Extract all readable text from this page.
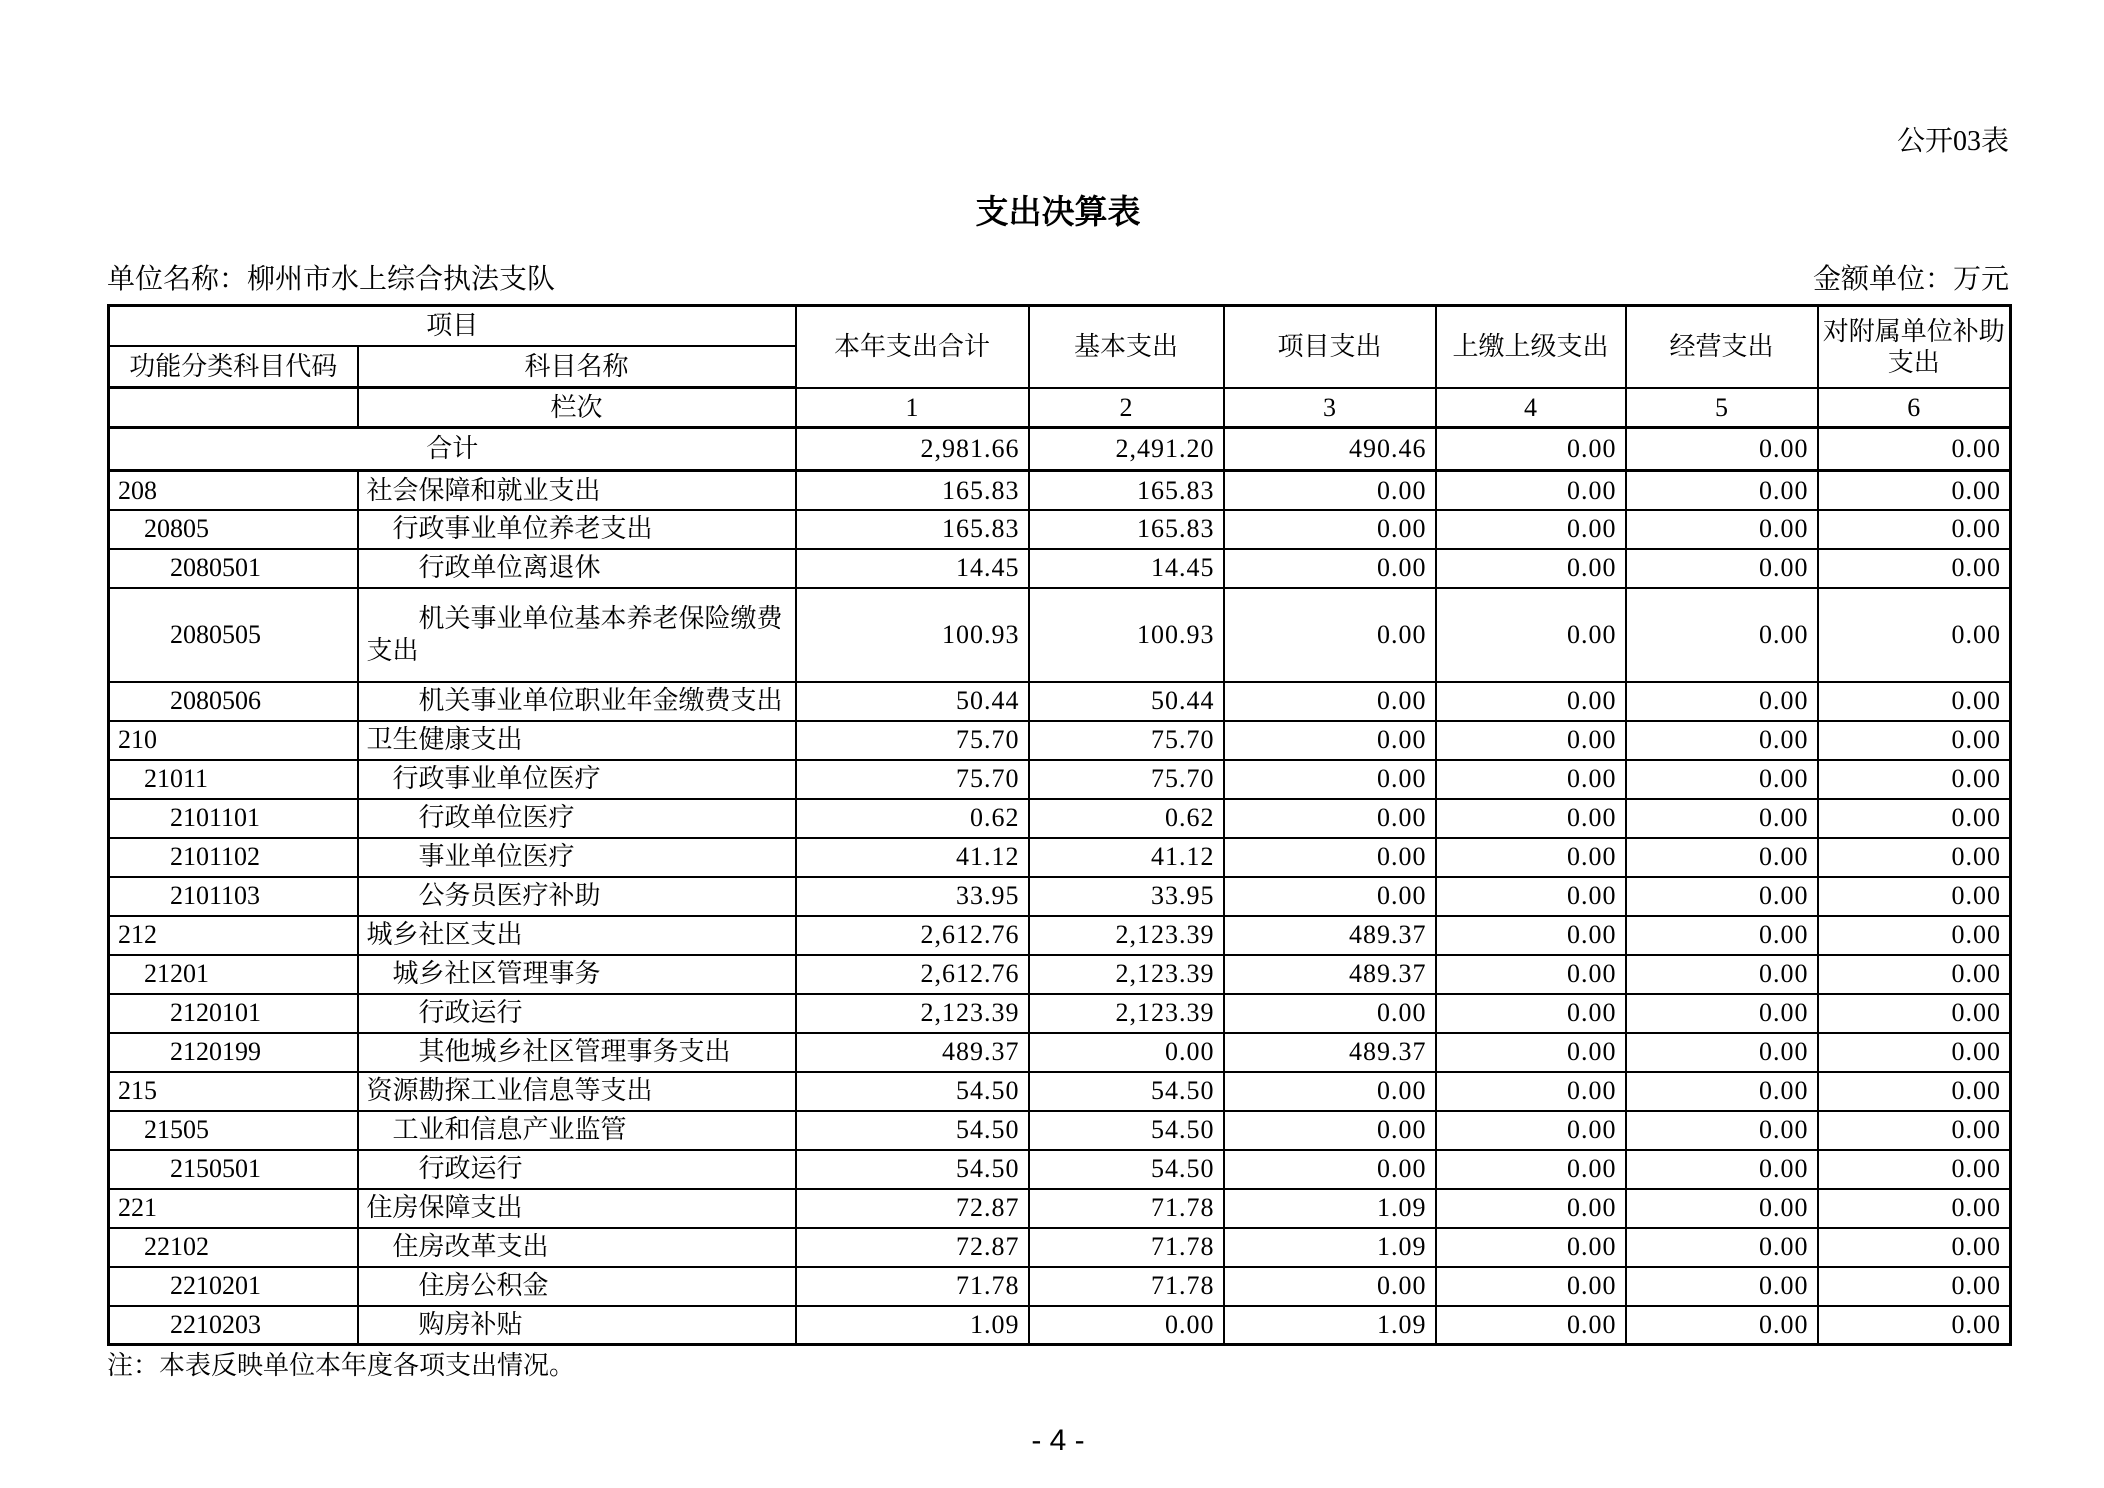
公开03表
支出决算表
单位名称：柳州市水上综合执法支队	金额单位：万元
项目		本年支出合计	基本支出	项目支出	上缴上级支出	经营支出	对附属单位补助支出
功能分类科目代码	科目名称						
	栏次	1	2	3	4	5	6
合计		2,981.66	2,491.20	490.46	0.00	0.00	0.00
208	社会保障和就业支出	165.83	165.83	0.00	0.00	0.00	0.00
20805	行政事业单位养老支出	165.83	165.83	0.00	0.00	0.00	0.00
2080501	行政单位离退休	14.45	14.45	0.00	0.00	0.00	0.00
2080505	机关事业单位基本养老保险缴费支出	100.93	100.93	0.00	0.00	0.00	0.00
2080506	机关事业单位职业年金缴费支出	50.44	50.44	0.00	0.00	0.00	0.00
210	卫生健康支出	75.70	75.70	0.00	0.00	0.00	0.00
21011	行政事业单位医疗	75.70	75.70	0.00	0.00	0.00	0.00
2101101	行政单位医疗	0.62	0.62	0.00	0.00	0.00	0.00
2101102	事业单位医疗	41.12	41.12	0.00	0.00	0.00	0.00
2101103	公务员医疗补助	33.95	33.95	0.00	0.00	0.00	0.00
212	城乡社区支出	2,612.76	2,123.39	489.37	0.00	0.00	0.00
21201	城乡社区管理事务	2,612.76	2,123.39	489.37	0.00	0.00	0.00
2120101	行政运行	2,123.39	2,123.39	0.00	0.00	0.00	0.00
2120199	其他城乡社区管理事务支出	489.37	0.00	489.37	0.00	0.00	0.00
215	资源勘探工业信息等支出	54.50	54.50	0.00	0.00	0.00	0.00
21505	工业和信息产业监管	54.50	54.50	0.00	0.00	0.00	0.00
2150501	行政运行	54.50	54.50	0.00	0.00	0.00	0.00
221	住房保障支出	72.87	71.78	1.09	0.00	0.00	0.00
22102	住房改革支出	72.87	71.78	1.09	0.00	0.00	0.00
2210201	住房公积金	71.78	71.78	0.00	0.00	0.00	0.00
2210203	购房补贴	1.09	0.00	1.09	0.00	0.00	0.00
注：本表反映单位本年度各项支出情况。
- 4 -
